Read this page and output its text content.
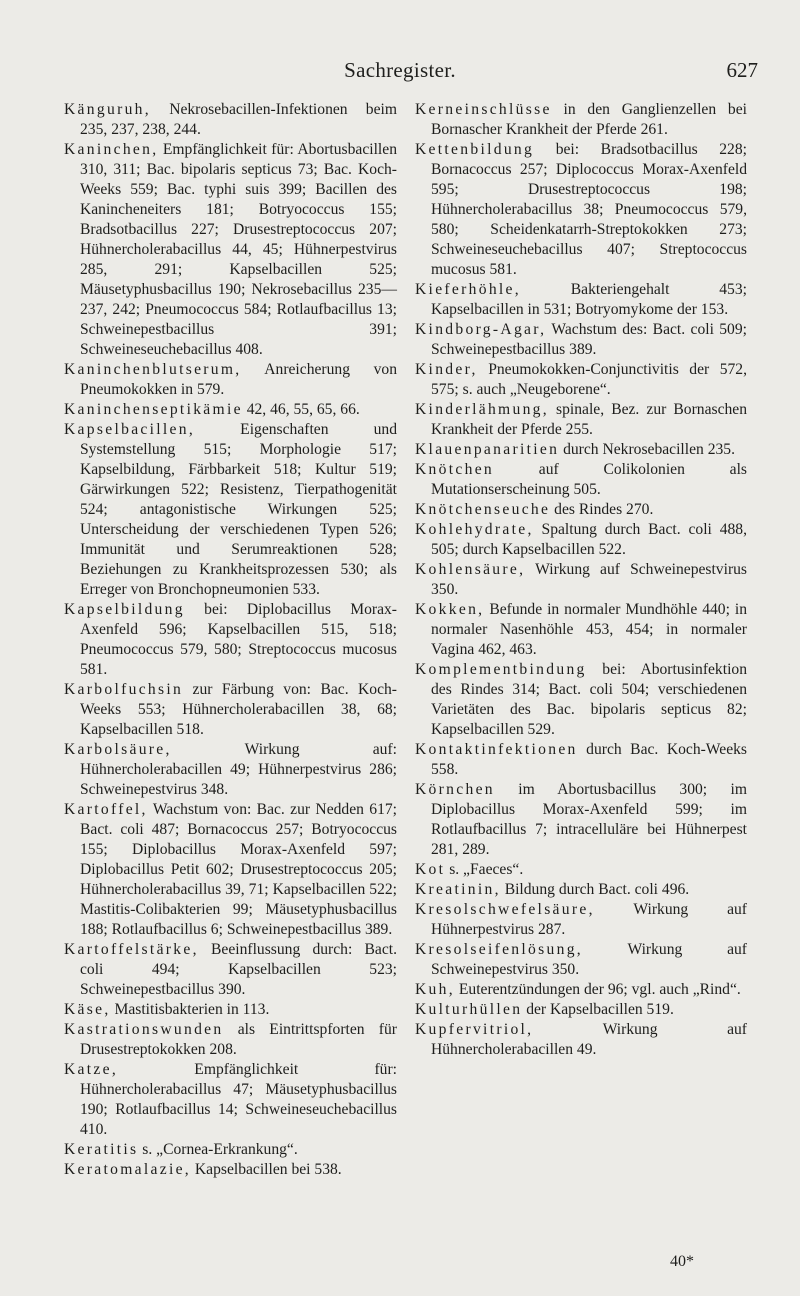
Sachregister.	627

Känguruh, Nekrosebacillen-Infektionen beim 235, 237, 238, 244.

Kaninchen, Empfänglichkeit für: Abortusbacillen 310, 311; Bac. bipolaris septicus 73; Bac. Koch-Weeks 559; Bac. typhi suis 399; Bacillen des Kanincheneiters 181; Botryococcus 155; Bradsotbacillus 227; Drusestreptococcus 207; Hühnercholerabacillus 44, 45; Hühnerpestvirus 285, 291; Kapselbacillen 525; Mäusetyphusbacillus 190; Nekrosebacillus 235—237, 242; Pneumococcus 584; Rotlaufbacillus 13; Schweinepestbacillus 391; Schweineseuchebacillus 408.

Kaninchenblutserum, Anreicherung von Pneumokokken in 579.

Kaninchenseptikämie 42, 46, 55, 65, 66.

Kapselbacillen, Eigenschaften und Systemstellung 515; Morphologie 517; Kapselbildung, Färbbarkeit 518; Kultur 519; Gärwirkungen 522; Resistenz, Tierpathogenität 524; antagonistische Wirkungen 525; Unterscheidung der verschiedenen Typen 526; Immunität und Serumreaktionen 528; Beziehungen zu Krankheitsprozessen 530; als Erreger von Bronchopneumonien 533.

Kapselbildung bei: Diplobacillus Morax-Axenfeld 596; Kapselbacillen 515, 518; Pneumococcus 579, 580; Streptococcus mucosus 581.

Karbolfuchsin zur Färbung von: Bac. Koch-Weeks 553; Hühnercholerabacillen 38, 68; Kapselbacillen 518.

Karbolsäure, Wirkung auf: Hühnercholerabacillen 49; Hühnerpestvirus 286; Schweinepestvirus 348.

Kartoffel, Wachstum von: Bac. zur Nedden 617; Bact. coli 487; Bornacoccus 257; Botryococcus 155; Diplobacillus Morax-Axenfeld 597; Diplobacillus Petit 602; Drusestreptococcus 205; Hühnercholerabacillus 39, 71; Kapselbacillen 522; Mastitis-Colibakterien 99; Mäusetyphusbacillus 188; Rotlaufbacillus 6; Schweinepestbacillus 389.

Kartoffelstärke, Beeinflussung durch: Bact. coli 494; Kapselbacillen 523; Schweinepestbacillus 390.

Käse, Mastitisbakterien in 113.

Kastrationswunden als Eintrittspforten für Drusestreptokokken 208.

Katze, Empfänglichkeit für: Hühnercholerabacillus 47; Mäusetyphusbacillus 190; Rotlaufbacillus 14; Schweineseuchebacillus 410.

Keratitis s. „Cornea-Erkrankung“.

Keratomalazie, Kapselbacillen bei 538.

Kerneinschlüsse in den Ganglienzellen bei Bornascher Krankheit der Pferde 261.

Kettenbildung bei: Bradsotbacillus 228; Bornacoccus 257; Diplococcus Morax-Axenfeld 595; Drusestreptococcus 198; Hühnercholerabacillus 38; Pneumococcus 579, 580; Scheidenkatarrh-Streptokokken 273; Schweineseuchebacillus 407; Streptococcus mucosus 581.

Kieferhöhle, Bakteriengehalt 453; Kapselbacillen in 531; Botryomykome der 153.

Kindborg-Agar, Wachstum des: Bact. coli 509; Schweinepestbacillus 389.

Kinder, Pneumokokken-Conjunctivitis der 572, 575; s. auch „Neugeborene“.

Kinderlähmung, spinale, Bez. zur Bornaschen Krankheit der Pferde 255.

Klauenpanaritien durch Nekrosebacillen 235.

Knötchen auf Colikolonien als Mutationserscheinung 505.

Knötchenseuche des Rindes 270.

Kohlehydrate, Spaltung durch Bact. coli 488, 505; durch Kapselbacillen 522.

Kohlensäure, Wirkung auf Schweinepestvirus 350.

Kokken, Befunde in normaler Mundhöhle 440; in normaler Nasenhöhle 453, 454; in normaler Vagina 462, 463.

Komplementbindung bei: Abortusinfektion des Rindes 314; Bact. coli 504; verschiedenen Varietäten des Bac. bipolaris septicus 82; Kapselbacillen 529.

Kontaktinfektionen durch Bac. Koch-Weeks 558.

Körnchen im Abortusbacillus 300; im Diplobacillus Morax-Axenfeld 599; im Rotlaufbacillus 7; intracelluläre bei Hühnerpest 281, 289.

Kot s. „Faeces“.

Kreatinin, Bildung durch Bact. coli 496.

Kresolschwefelsäure, Wirkung auf Hühnerpestvirus 287.

Kresolseifenlösung, Wirkung auf Schweinepestvirus 350.

Kuh, Euterentzündungen der 96; vgl. auch „Rind“.

Kulturhüllen der Kapselbacillen 519.

Kupfervitriol, Wirkung auf Hühnercholerabacillen 49.

40*
